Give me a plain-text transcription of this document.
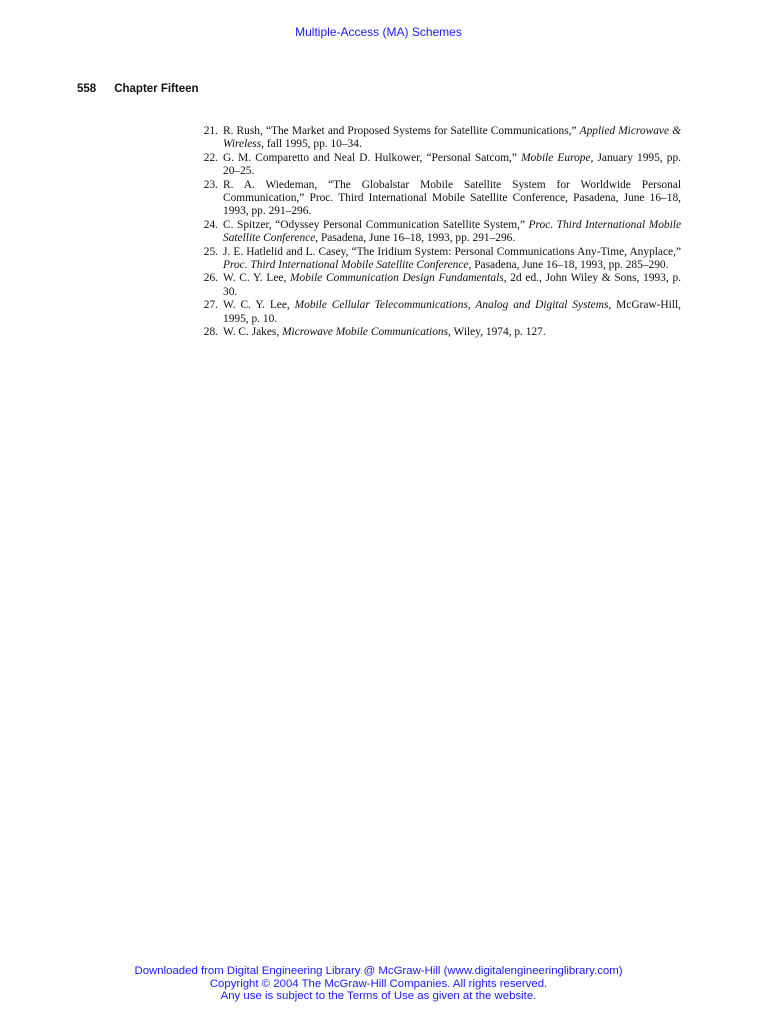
Multiple-Access (MA) Schemes
558 Chapter Fifteen
21. R. Rush, “The Market and Proposed Systems for Satellite Communications,” Applied Microwave & Wireless, fall 1995, pp. 10–34.
22. G. M. Comparetto and Neal D. Hulkower, “Personal Satcom,” Mobile Europe, January 1995, pp. 20–25.
23. R. A. Wiedeman, “The Globalstar Mobile Satellite System for Worldwide Personal Communication,” Proc. Third International Mobile Satellite Conference, Pasadena, June 16–18, 1993, pp. 291–296.
24. C. Spitzer, “Odyssey Personal Communication Satellite System,” Proc. Third International Mobile Satellite Conference, Pasadena, June 16–18, 1993, pp. 291–296.
25. J. E. Hatlelid and L. Casey, “The Iridium System: Personal Communications Any-Time, Anyplace,” Proc. Third International Mobile Satellite Conference, Pasadena, June 16–18, 1993, pp. 285–290.
26. W. C. Y. Lee, Mobile Communication Design Fundamentals, 2d ed., John Wiley & Sons, 1993, p. 30.
27. W. C. Y. Lee, Mobile Cellular Telecommunications, Analog and Digital Systems, McGraw-Hill, 1995, p. 10.
28. W. C. Jakes, Microwave Mobile Communications, Wiley, 1974, p. 127.
Downloaded from Digital Engineering Library @ McGraw-Hill (www.digitalengineeringlibrary.com)
Copyright © 2004 The McGraw-Hill Companies. All rights reserved.
Any use is subject to the Terms of Use as given at the website.
